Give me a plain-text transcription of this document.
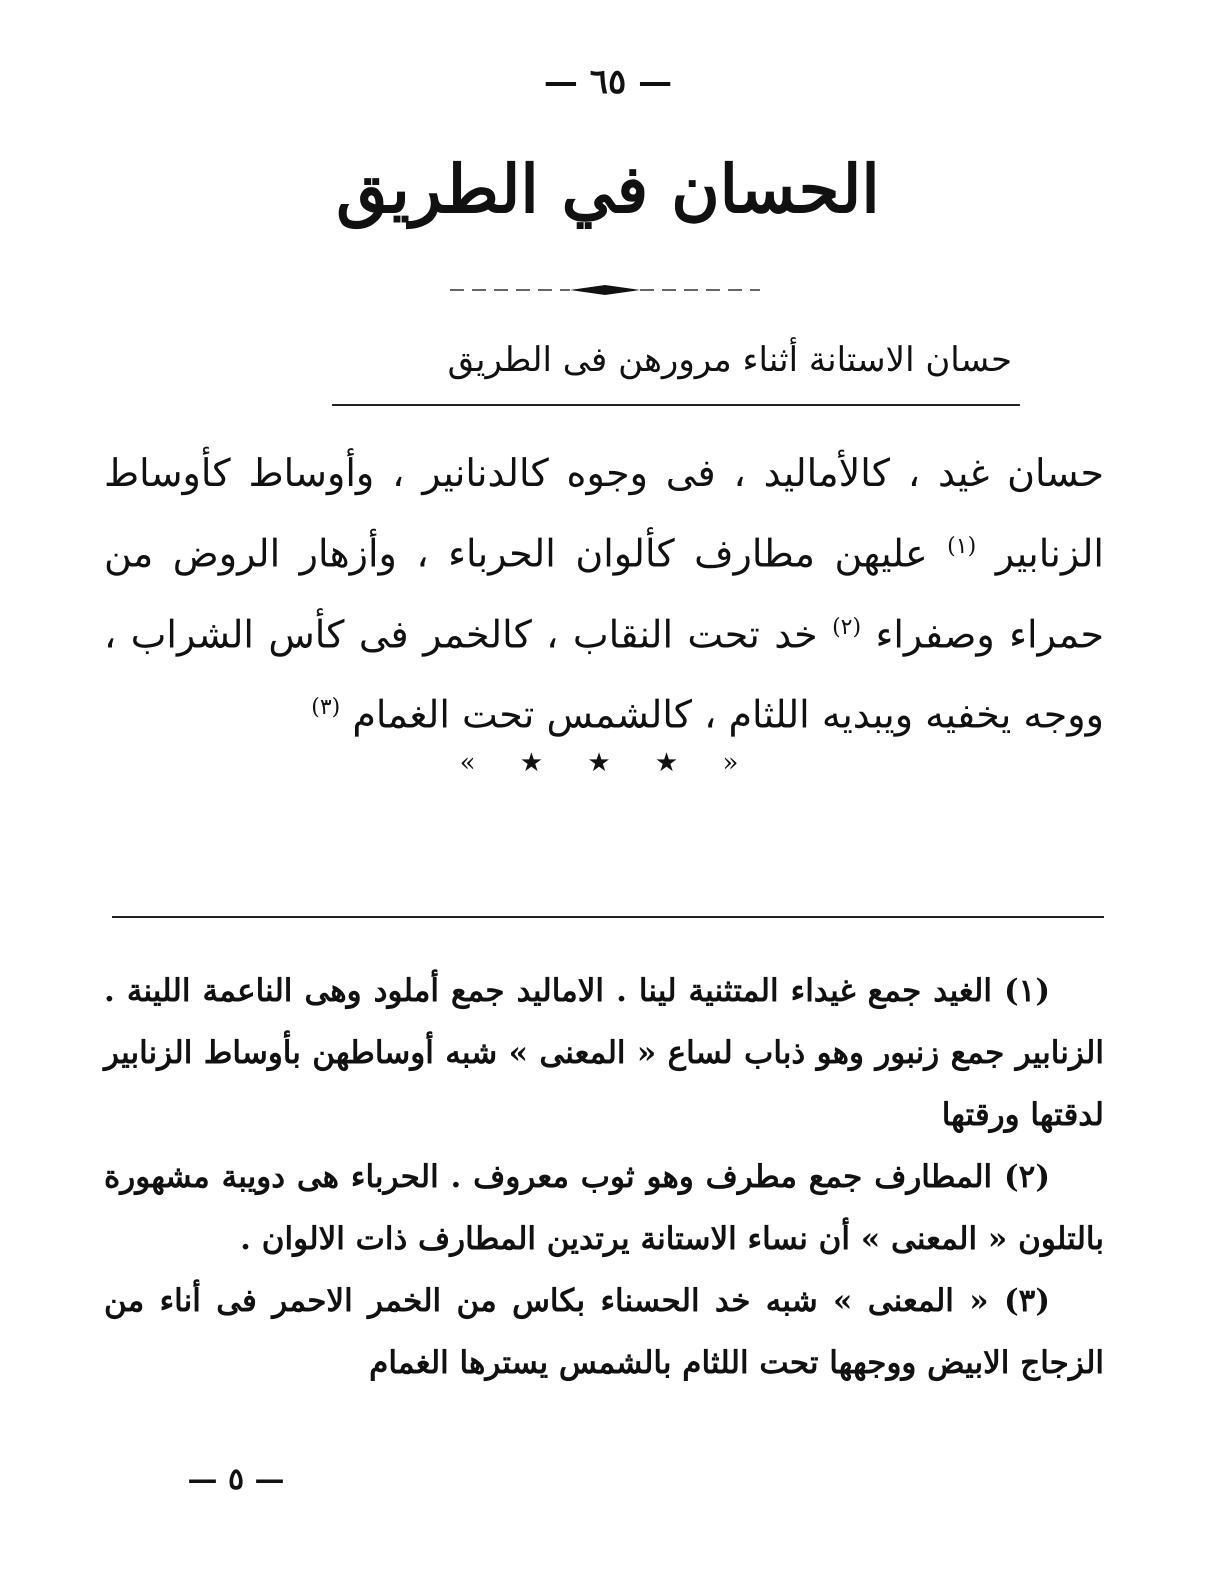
— ٦٥ —
الحسان في الطريق
حسان الاستانة أثناء مرورهن فى الطريق

حسان غيد ، كالأماليد ، فى وجوه كالدنانير ، وأوساط كأوساط الزنابير $^{(١)}$ عليهن مطارف كألوان الحرباء ، وأزهار الروض من حمراء وصفراء $^{(٢)}$ خد تحت النقاب ، كالخمر فى كأس الشراب ، ووجه يخفيه ويبديه اللثام ، كالشمس تحت الغمام $^{(٣)}$

« ★ ★ ★ »

(١) الغيد جمع غيداء المتثنية لينا . الاماليد جمع أملود وهى الناعمة اللينة . الزنابير جمع زنبور وهو ذباب لساع « المعنى » شبه أوساطهن بأوساط الزنابير لدقتها ورقتها

(٢) المطارف جمع مطرف وهو ثوب معروف . الحرباء هى دويبة مشهورة بالتلون « المعنى » أن نساء الاستانة يرتدين المطارف ذات الالوان .

(٣) « المعنى » شبه خد الحسناء بكاس من الخمر الاحمر فى أناء من الزجاج الابيض ووجهها تحت اللثام بالشمس يسترها الغمام

— ٥ —
